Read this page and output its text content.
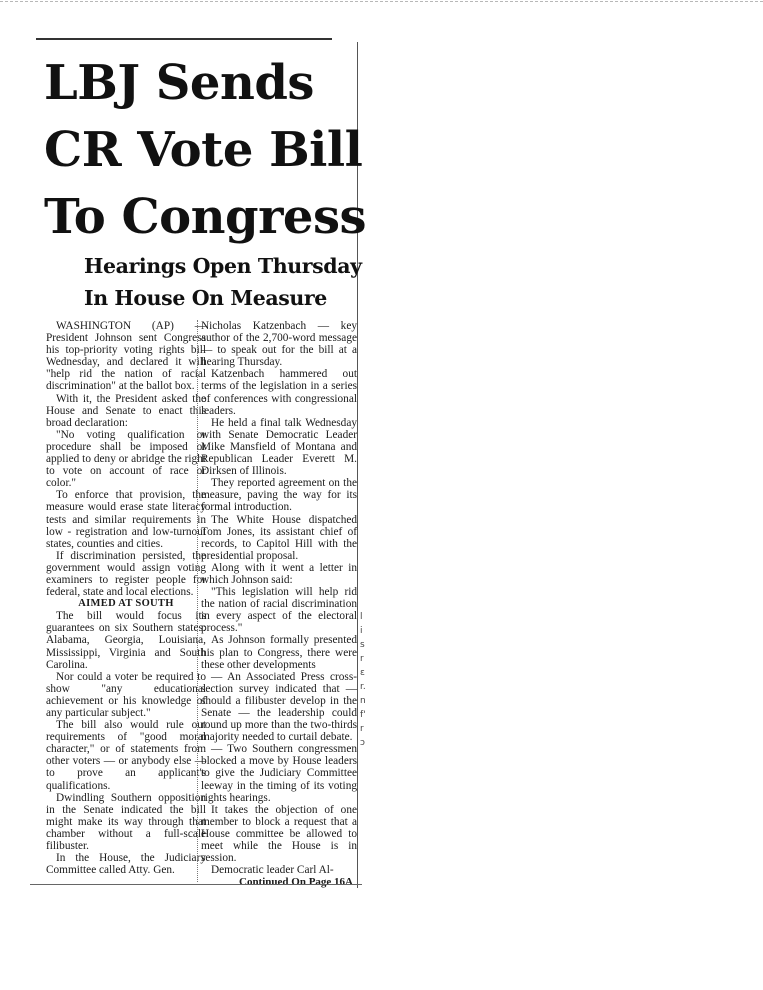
LBJ Sends
CR Vote Bill
To Congress
Hearings Open Thursday
In House On Measure

WASHINGTON (AP) — President Johnson sent Congress his top-priority voting rights bill Wednesday, and declared it will "help rid the nation of racial discrimination" at the ballot box.

With it, the President asked the House and Senate to enact this broad declaration:

"No voting qualification or procedure shall be imposed or applied to deny or abridge the right to vote on account of race or color."

To enforce that provision, the measure would erase state literacy tests and similar requirements in low - registration and low-turnout states, counties and cities.

If discrimination persisted, the government would assign voting examiners to register people for federal, state and local elections.

AIMED AT SOUTH

The bill would focus its guarantees on six Southern states: Alabama, Georgia, Louisiana, Mississippi, Virginia and South Carolina.

Nor could a voter be required to show "any educational achievement or his knowledge of any particular subject."

The bill also would rule out requirements of "good moral character," or of statements from other voters — or anybody else — to prove an applicant's qualifications.

Dwindling Southern opposition in the Senate indicated the bill might make its way through that chamber without a full-scale filibuster.

In the House, the Judiciary Committee called Atty. Gen.

Nicholas Katzenbach — key author of the 2,700-word message — to speak out for the bill at a hearing Thursday.

Katzenbach hammered out terms of the legislation in a series of conferences with congressional leaders.

He held a final talk Wednesday with Senate Democratic Leader Mike Mansfield of Montana and Republican Leader Everett M. Dirksen of Illinois.

They reported agreement on the measure, paving the way for its formal introduction.

The White House dispatched Tom Jones, its assistant chief of records, to Capitol Hill with the presidential proposal.

Along with it went a letter in which Johnson said:

"This legislation will help rid the nation of racial discrimination in every aspect of the electoral process."

As Johnson formally presented his plan to Congress, there were these other developments

— An Associated Press cross-section survey indicated that — should a filibuster develop in the Senate — the leadership could round up more than the two-thirds majority needed to curtail debate.

— Two Southern congressmen blocked a move by House leaders to give the Judiciary Committee leeway in the timing of its voting rights hearings.

It takes the objection of one member to block a request that a House committee be allowed to meet while the House is in session.

Democratic leader Carl Al-

Continued On Page 16A

l
i
s
r
ε
r.
n
f'
r
ɔ
